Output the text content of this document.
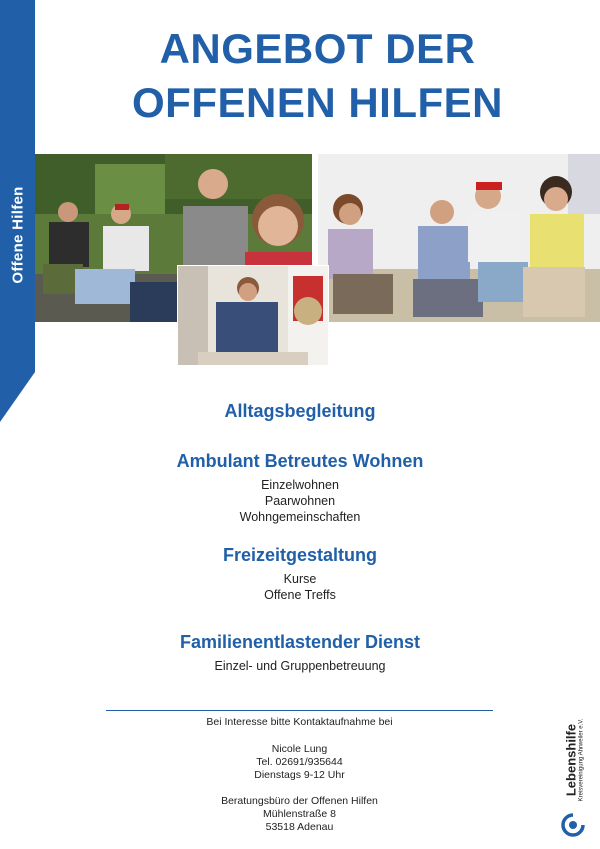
Offene Hilfen
ANGEBOT DER
OFFENEN HILFEN
Alltagsbegleitung
Ambulant Betreutes Wohnen
Einzelwohnen
Paarwohnen
Wohngemeinschaften
Freizeitgestaltung
Kurse
Offene Treffs
Familienentlastender Dienst
Einzel- und Gruppenbetreuung
Bei Interesse bitte Kontaktaufnahme bei
Nicole Lung
Tel. 02691/935644
Dienstags 9-12 Uhr
Beratungsbüro der Offenen Hilfen
Mühlenstraße 8
53518 Adenau
Lebenshilfe Kreisvereinigung Ahrweiler e.V.
